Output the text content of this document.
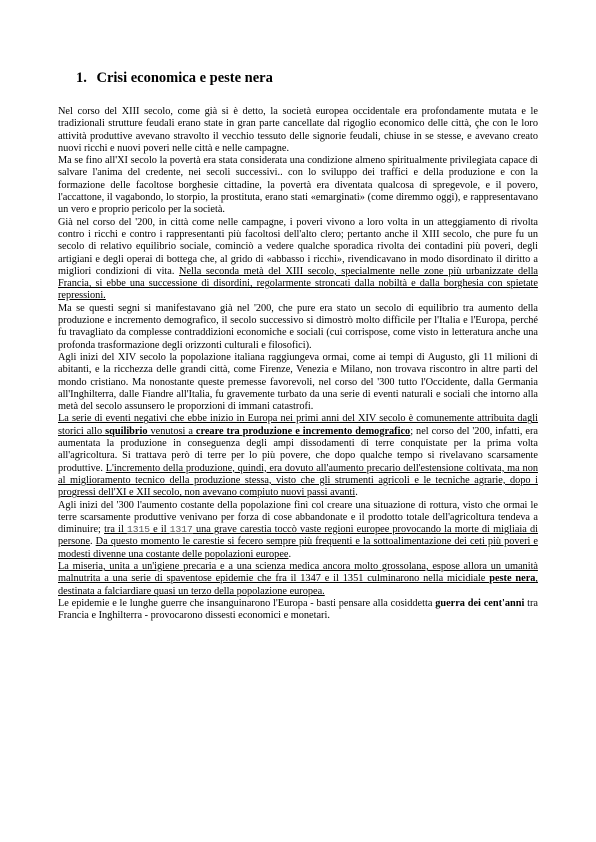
1. Crisi economica e peste nera

Nel corso del XIII secolo, come già si è detto, la società europea occidentale era profondamente mutata e le tradizionali strutture feudali erano state in gran parte cancellate dal rigoglio economico delle città, çhe con le loro attività produttive avevano stravolto il vecchio tessuto delle signorie feudali, chiuse in se stesse, e avevano creato nuovi ricchi e nuovi poveri nelle città e nelle campagne.

Ma se fino all'XI secolo la povertà era stata considerata una condizione almeno spiritualmente privilegiata capace di salvare l'anima del credente, nei secoli successivi.. con lo sviluppo dei traffici e della produzione e con la formazione delle facoltose borghesie cittadine, la povertà era diventata qualcosa di spregevole, e il povero, l'accattone, il vagabondo, lo storpio, la prostituta, erano stati «emarginati» (come diremmo oggi), e rappresentavano un vero e proprio pericolo per la società.

Già nel corso del '200, in città come nelle campagne, i poveri vivono a loro volta in un atteggiamento di rivolta contro i ricchi e contro i rappresentanti più facoltosi dell'alto clero; pertanto anche il XIII secolo, che pure fu un secolo di relativo equilibrio sociale, cominciò a vedere qualche sporadica rivolta dei contadini più poveri, degli artigiani e degli operai di bottega che, al grido di «abbasso i ricchi», rivendicavano in modo disordinato il diritto a migliori condizioni di vita. Nella seconda metà del XIII secolo, specialmente nelle zone più urbanizzate della Francia, si ebbe una successione di disordini, regolarmente stroncati dalla nobiltà e dalla borghesia con spietate repressioni.

Ma se questi segni si manifestavano già nel '200, che pure era stato un secolo di equilibrio tra aumento della produzione e incremento demografico, il secolo successivo si dimostrò molto difficile per l'Italia e l'Europa, perché fu travagliato da complesse contraddizioni economiche e sociali (cui corrispose, come visto in letteratura anche una profonda trasformazione degli orizzonti culturali e filosofici).

Agli inizi del XIV secolo la popolazione italiana raggiungeva ormai, come ai tempi di Augusto, gli 11 milioni di abitanti, e la ricchezza delle grandi città, come Firenze, Venezia e Milano, non trovava riscontro in altre parti del mondo cristiano. Ma nonostante queste premesse favorevoli, nel corso del '300 tutto l'Occidente, dalla Germania all'Inghilterra, dalle Fiandre all'Italia, fu gravemente turbato da una serie di eventi naturali e sociali che intorno alla metà del secolo assunsero le proporzioni di immani catastrofi.

La serie di eventi negativi che ebbe inizio in Europa nei primi anni del XIV secolo è comunemente attribuita dagli storici allo squilibrio venutosi a creare tra produzione e incremento demografico; nel corso del '200, infatti, era aumentata la produzione in conseguenza degli ampi dissodamenti di terre conquistate per la prima volta all'agricoltura. Si trattava però di terre per lo più povere, che dopo qualche tempo si rivelavano scarsamente produttive. L'incremento della produzione, quindi, era dovuto all'aumento precario dell'estensione coltivata, ma non al miglioramento tecnico della produzione stessa, visto che gli strumenti agricoli e le tecniche agrarie, dopo i progressi dell'XI e XII secolo, non avevano compiuto nuovi passi avanti.

Agli inizi del '300 l'aumento costante della popolazione finì col creare una situazione di rottura, visto che ormai le terre scarsamente produttive venivano per forza di cose abbandonate e il prodotto totale dell'agricoltura tendeva a diminuire; tra il 1315 e il 1317 una grave carestia toccò vaste regioni europee provocando la morte di migliaia di persone. Da questo momento le carestie si fecero sempre più frequenti e la sottoalimentazione dei ceti più poveri e modesti divenne una costante delle popolazioni europee.

La miseria, unita a un'igiene precaria e a una scienza medica ancora molto grossolana, espose allora un umanità malnutrita a una serie di spaventose epidemie che fra il 1347 e il 1351 culminarono nella micidiale peste nera, destinata a falciardiare quasi un terzo della popolazione europea.

Le epidemie e le lunghe guerre che insanguinarono l'Europa - basti pensare alla cosiddetta guerra dei cent'anni tra Francia e Inghilterra - provocarono dissesti economici e monetari.
